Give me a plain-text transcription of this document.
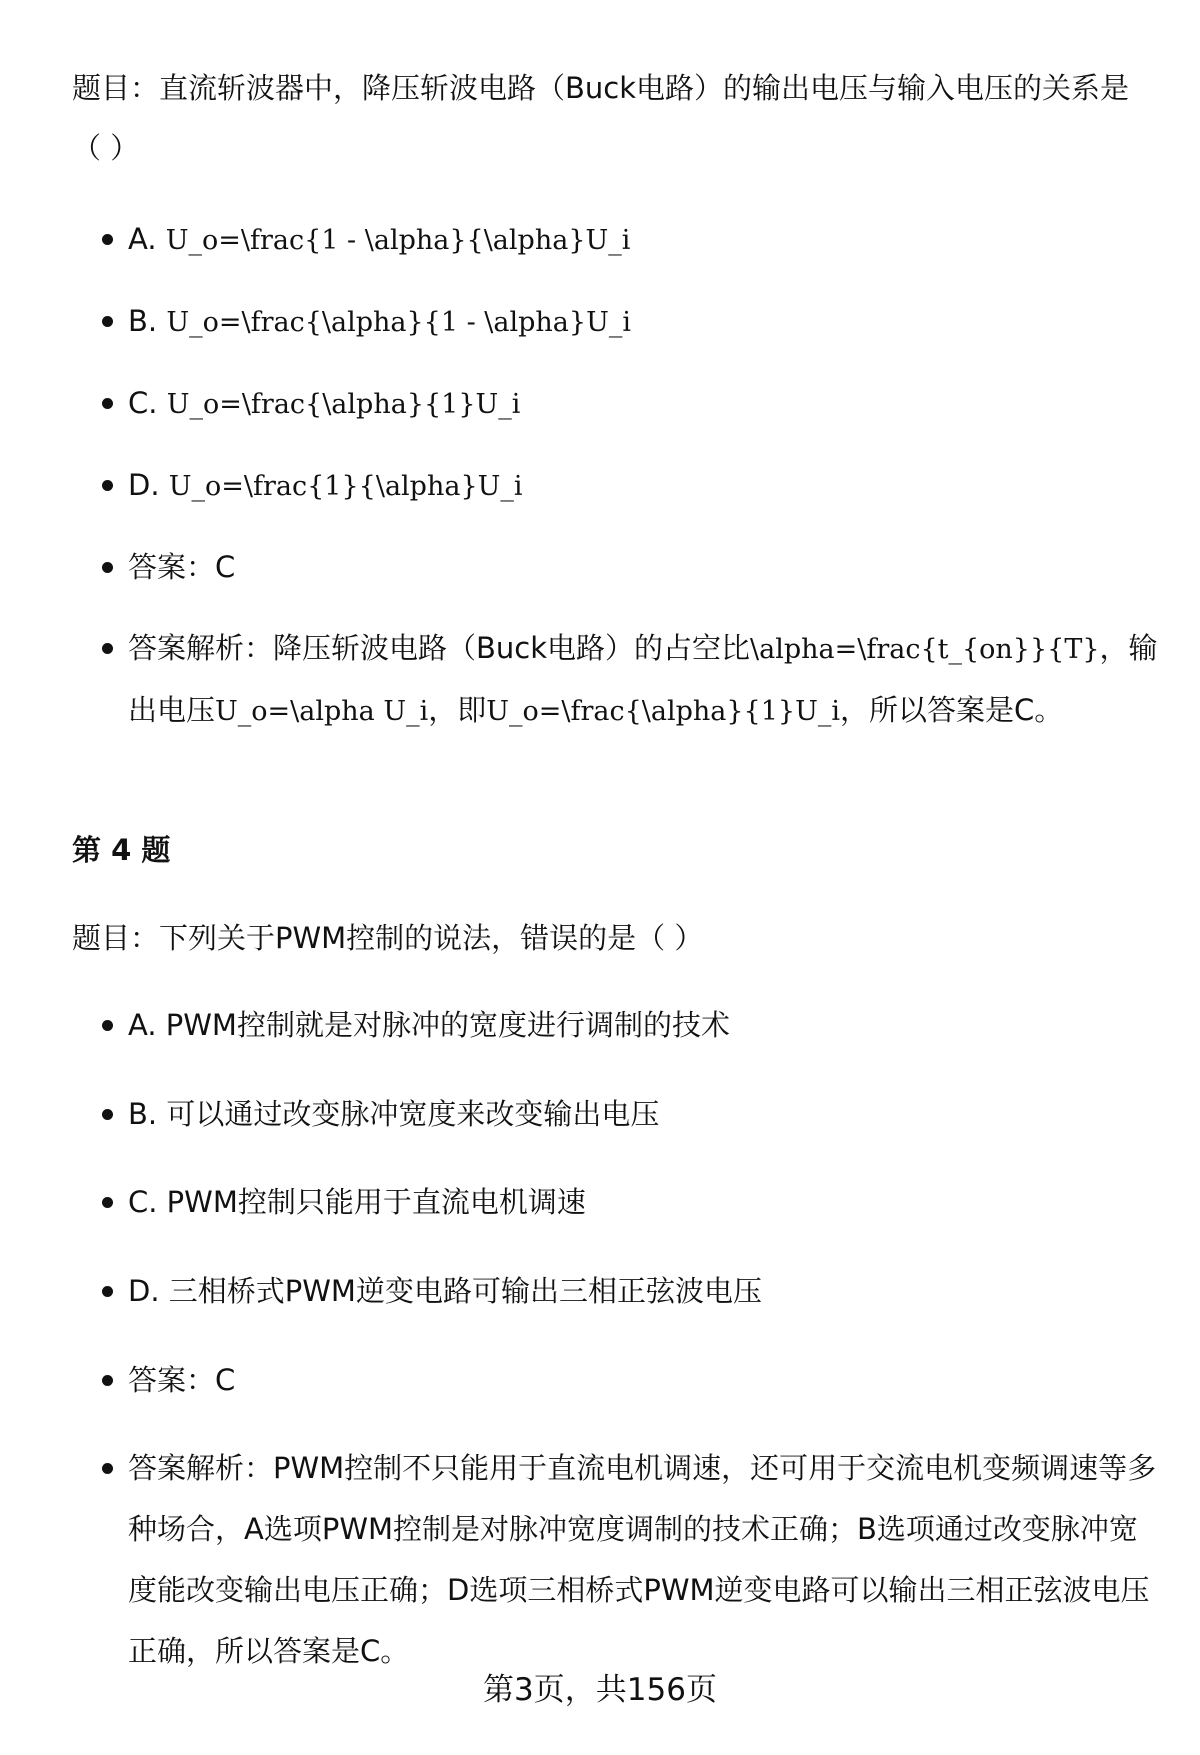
题目：直流斩波器中，降压斩波电路（Buck电路）的输出电压与输入电压的关系是（ ）

A. U_o=\frac{1 - \alpha}{\alpha}U_i
B. U_o=\frac{\alpha}{1 - \alpha}U_i
C. U_o=\frac{\alpha}{1}U_i
D. U_o=\frac{1}{\alpha}U_i
答案：C
答案解析：降压斩波电路（Buck电路）的占空比\alpha=\frac{t_{on}}{T}，输出电压U_o=\alpha U_i，即U_o=\frac{\alpha}{1}U_i，所以答案是C。
第 4 题

题目：下列关于PWM控制的说法，错误的是（ ）

A. PWM控制就是对脉冲的宽度进行调制的技术
B. 可以通过改变脉冲宽度来改变输出电压
C. PWM控制只能用于直流电机调速
D. 三相桥式PWM逆变电路可输出三相正弦波电压
答案：C
答案解析：PWM控制不只能用于直流电机调速，还可用于交流电机变频调速等多种场合，A选项PWM控制是对脉冲宽度调制的技术正确；B选项通过改变脉冲宽度能改变输出电压正确；D选项三相桥式PWM逆变电路可以输出三相正弦波电压正确，所以答案是C。
第3页，共156页
